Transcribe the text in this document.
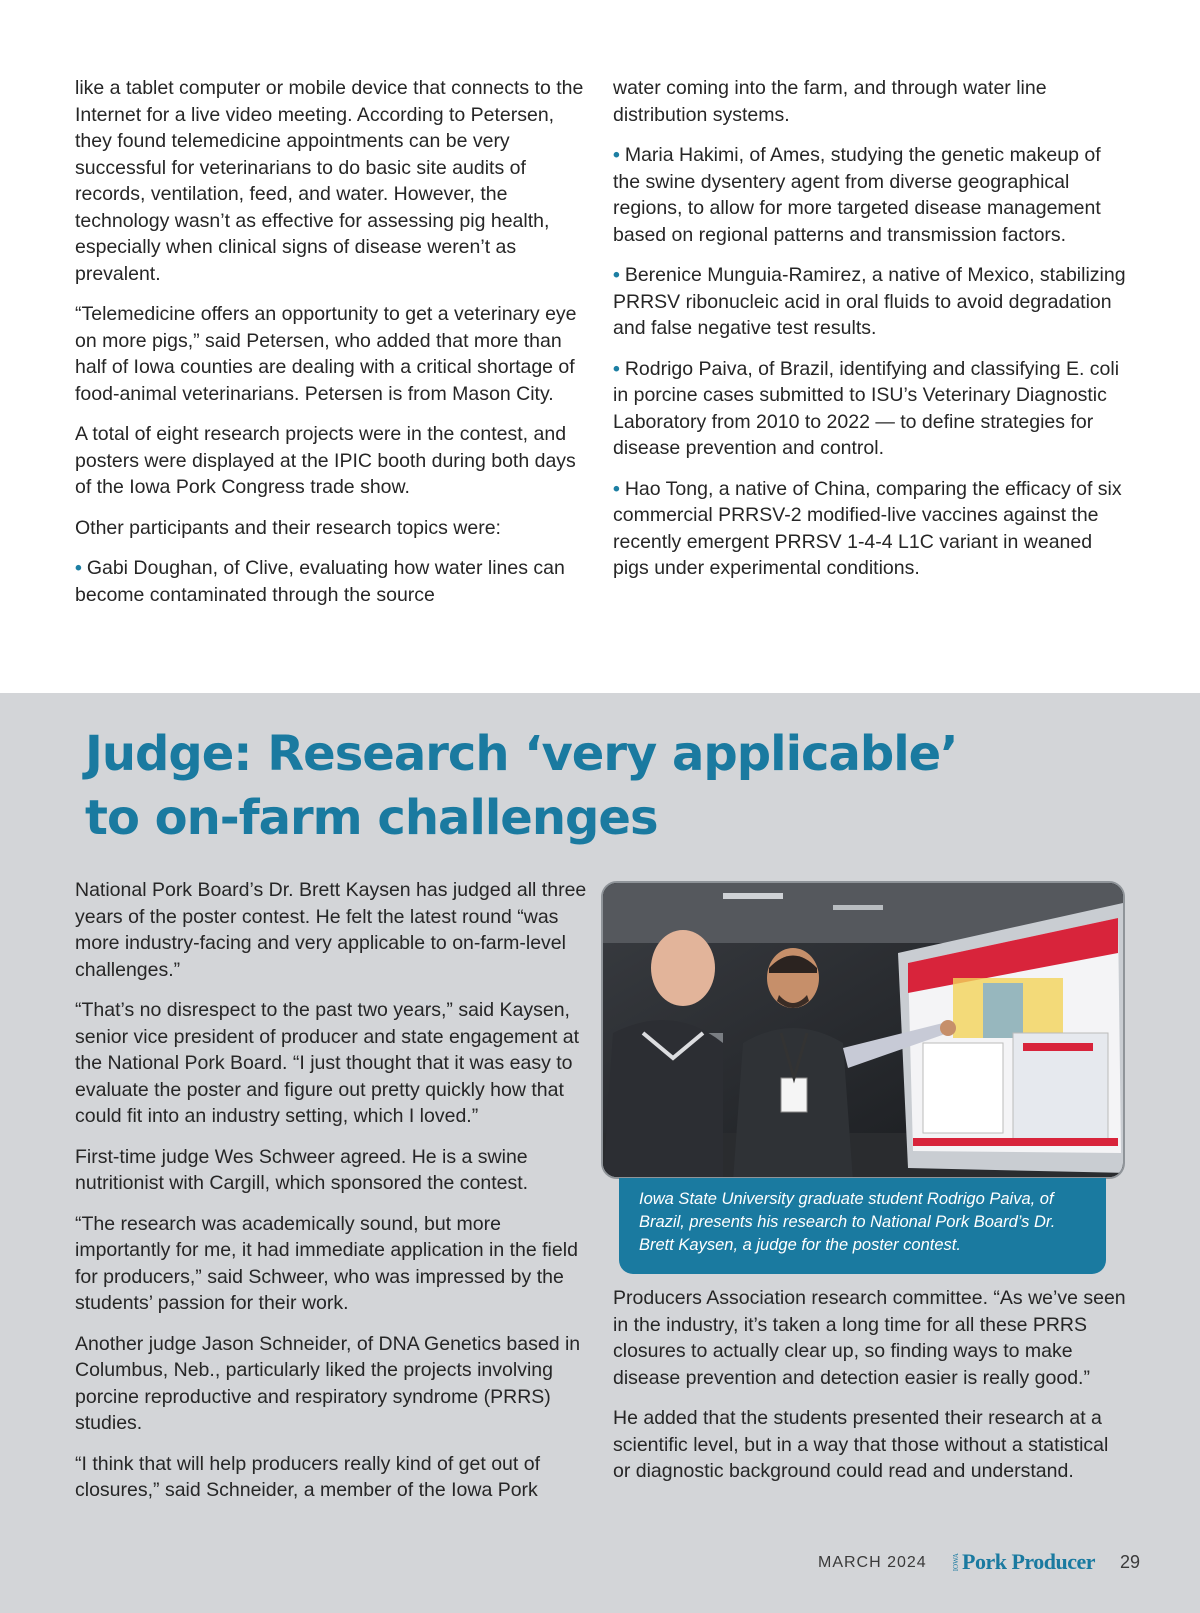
like a tablet computer or mobile device that connects to the Internet for a live video meeting. According to Petersen, they found telemedicine appointments can be very successful for veterinarians to do basic site audits of records, ventilation, feed, and water. However, the technology wasn’t as effective for assessing pig health, especially when clinical signs of disease weren’t as prevalent.

“Telemedicine offers an opportunity to get a veterinary eye on more pigs,” said Petersen, who added that more than half of Iowa counties are dealing with a critical shortage of food-animal veterinarians. Petersen is from Mason City.

A total of eight research projects were in the contest, and posters were displayed at the IPIC booth during both days of the Iowa Pork Congress trade show.

Other participants and their research topics were:

• Gabi Doughan, of Clive, evaluating how water lines can become contaminated through the source

water coming into the farm, and through water line distribution systems.

• Maria Hakimi, of Ames, studying the genetic makeup of the swine dysentery agent from diverse geographical regions, to allow for more targeted disease management based on regional patterns and transmission factors.

• Berenice Munguia-Ramirez, a native of Mexico, stabilizing PRRSV ribonucleic acid in oral fluids to avoid degradation and false negative test results.

• Rodrigo Paiva, of Brazil, identifying and classifying E. coli in porcine cases submitted to ISU’s Veterinary Diagnostic Laboratory from 2010 to 2022 — to define strategies for disease prevention and control.

• Hao Tong, a native of China, comparing the efficacy of six commercial PRRSV-2 modified-live vaccines against the recently emergent PRRSV 1-4-4 L1C variant in weaned pigs under experimental conditions.

Judge: Research ‘very applicable’
to on-farm challenges

National Pork Board’s Dr. Brett Kaysen has judged all three years of the poster contest. He felt the latest round “was more industry-facing and very applicable to on-farm-level challenges.”

“That’s no disrespect to the past two years,” said Kaysen, senior vice president of producer and state engagement at the National Pork Board. “I just thought that it was easy to evaluate the poster and figure out pretty quickly how that could fit into an industry setting, which I loved.”

First-time judge Wes Schweer agreed. He is a swine nutritionist with Cargill, which sponsored the contest.

“The research was academically sound, but more importantly for me, it had immediate application in the field for producers,” said Schweer, who was impressed by the students’ passion for their work.

Another judge Jason Schneider, of DNA Genetics based in Columbus, Neb., particularly liked the projects involving porcine reproductive and respiratory syndrome (PRRS) studies.

“I think that will help producers really kind of get out of closures,” said Schneider, a member of the Iowa Pork

Iowa State University graduate student Rodrigo Paiva, of Brazil, presents his research to National Pork Board’s Dr. Brett Kaysen, a judge for the poster contest.

Producers Association research committee. “As we’ve seen in the industry, it’s taken a long time for all these PRRS closures to actually clear up, so finding ways to make disease prevention and detection easier is really good.”

He added that the students presented their research at a scientific level, but in a way that those without a statistical or diagnostic background could read and understand.

MARCH 2024	IOWA Pork Producer 29
